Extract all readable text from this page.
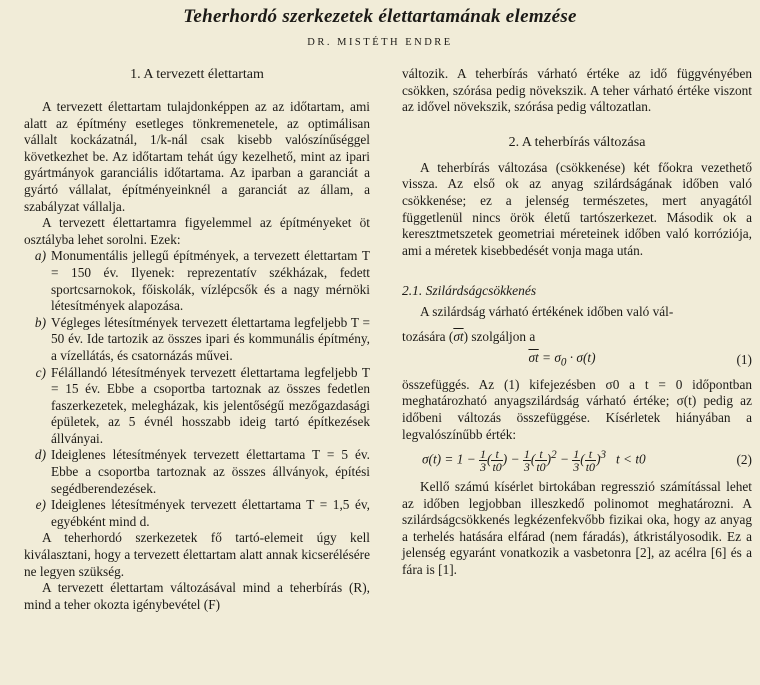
Teherhordó szerkezetek élettartamának elemzése
DR. MISTÉTH ENDRE
1. A tervezett élettartam

A tervezett élettartam tulajdonképpen az az időtartam, ami alatt az építmény esetleges tönkremenetele, az optimálisan vállalt kockázatnál, 1/k-nál csak kisebb valószínűséggel következhet be. Az időtartam tehát úgy kezelhető, mint az ipari gyártmányok garanciális időtartama. Az iparban a garanciát a gyártó vállalat, építményeinknél a garanciát az állam, a szabályzat vállalja.

A tervezett élettartamra figyelemmel az építményeket öt osztályba lehet sorolni. Ezek:

a) Monumentális jellegű építmények, a tervezett élettartam T = 150 év. Ilyenek: reprezentatív székházak, fedett sportcsarnokok, főiskolák, vízlépcsők és a nagy mérnöki létesítmények alapozása.
b) Végleges létesítmények tervezett élettartama legfeljebb T = 50 év. Ide tartozik az összes ipari és kommunális építmény, a vízellátás, és csatornázás művei.
c) Félállandó létesítmények tervezett élettartama legfeljebb T = 15 év. Ebbe a csoportba tartoznak az összes fedetlen faszerkezetek, melegházak, kis jelentőségű mezőgazdasági épületek, az 5 évnél hosszabb ideig tartó építkezések állványai.
d) Ideiglenes létesítmények tervezett élettartama T = 5 év. Ebbe a csoportba tartoznak az összes állványok, építési segédberendezések.
e) Ideiglenes létesítmények tervezett élettartama T = 1,5 év, egyébként mind d.

A teherhordó szerkezetek fő tartó-elemeit úgy kell kiválasztani, hogy a tervezett élettartam alatt annak kicserélésére ne legyen szükség.

A tervezett élettartam változásával mind a teherbírás (R), mind a teher okozta igénybevétel (F)

változik. A teherbírás várható értéke az idő függvényében csökken, szórása pedig növekszik. A teher várható értéke viszont az idővel növekszik, szórása pedig változatlan.

2. A teherbírás változása

A teherbírás változása (csökkenése) két főokra vezethető vissza. Az első ok az anyag szilárdságának időben való csökkenése; ez a jelenség természetes, mert anyagától függetlenül nincs örök életű tartószerkezet. Második ok a keresztmetszetek geometriai méreteinek időben való korróziója, ami a méretek kisebbedését vonja maga után.

2.1. Szilárdságcsökkenés

A szilárdság várható értékének időben való vál-

tozására $(\overline{\sigma t})$ szolgáljon a

$\overline{\sigma t} = \sigma_0 \cdot \sigma(t)$	(1)

összefüggés. Az (1) kifejezésben σ0 a t = 0 időpontban meghatározható anyagszilárdság várható értéke; σ(t) pedig az időbeni változás összefüggése. Kísérletek hiányában a legvalószínűbb érték:

$\sigma(t) = 1 - \frac{1}{3}$ ( $\frac{t}{t0}$ ) − $\frac{1}{3}$ ( $\frac{t}{t0} )^2 - \frac{1}{3}$ ( $\frac{t}{t0} )^3$ t < t0	(2)

Kellő számú kísérlet birtokában regresszió számítással lehet az időben legjobban illeszkedő polinomot meghatározni. A szilárdságcsökkenés legkézenfekvőbb fizikai oka, hogy az anyag a terhelés hatására elfárad (nem fáradás), átkristályosodik. Ez a jelenség egyaránt vonatkozik a vasbetonra [2], az acélra [6] és a fára is [1].
